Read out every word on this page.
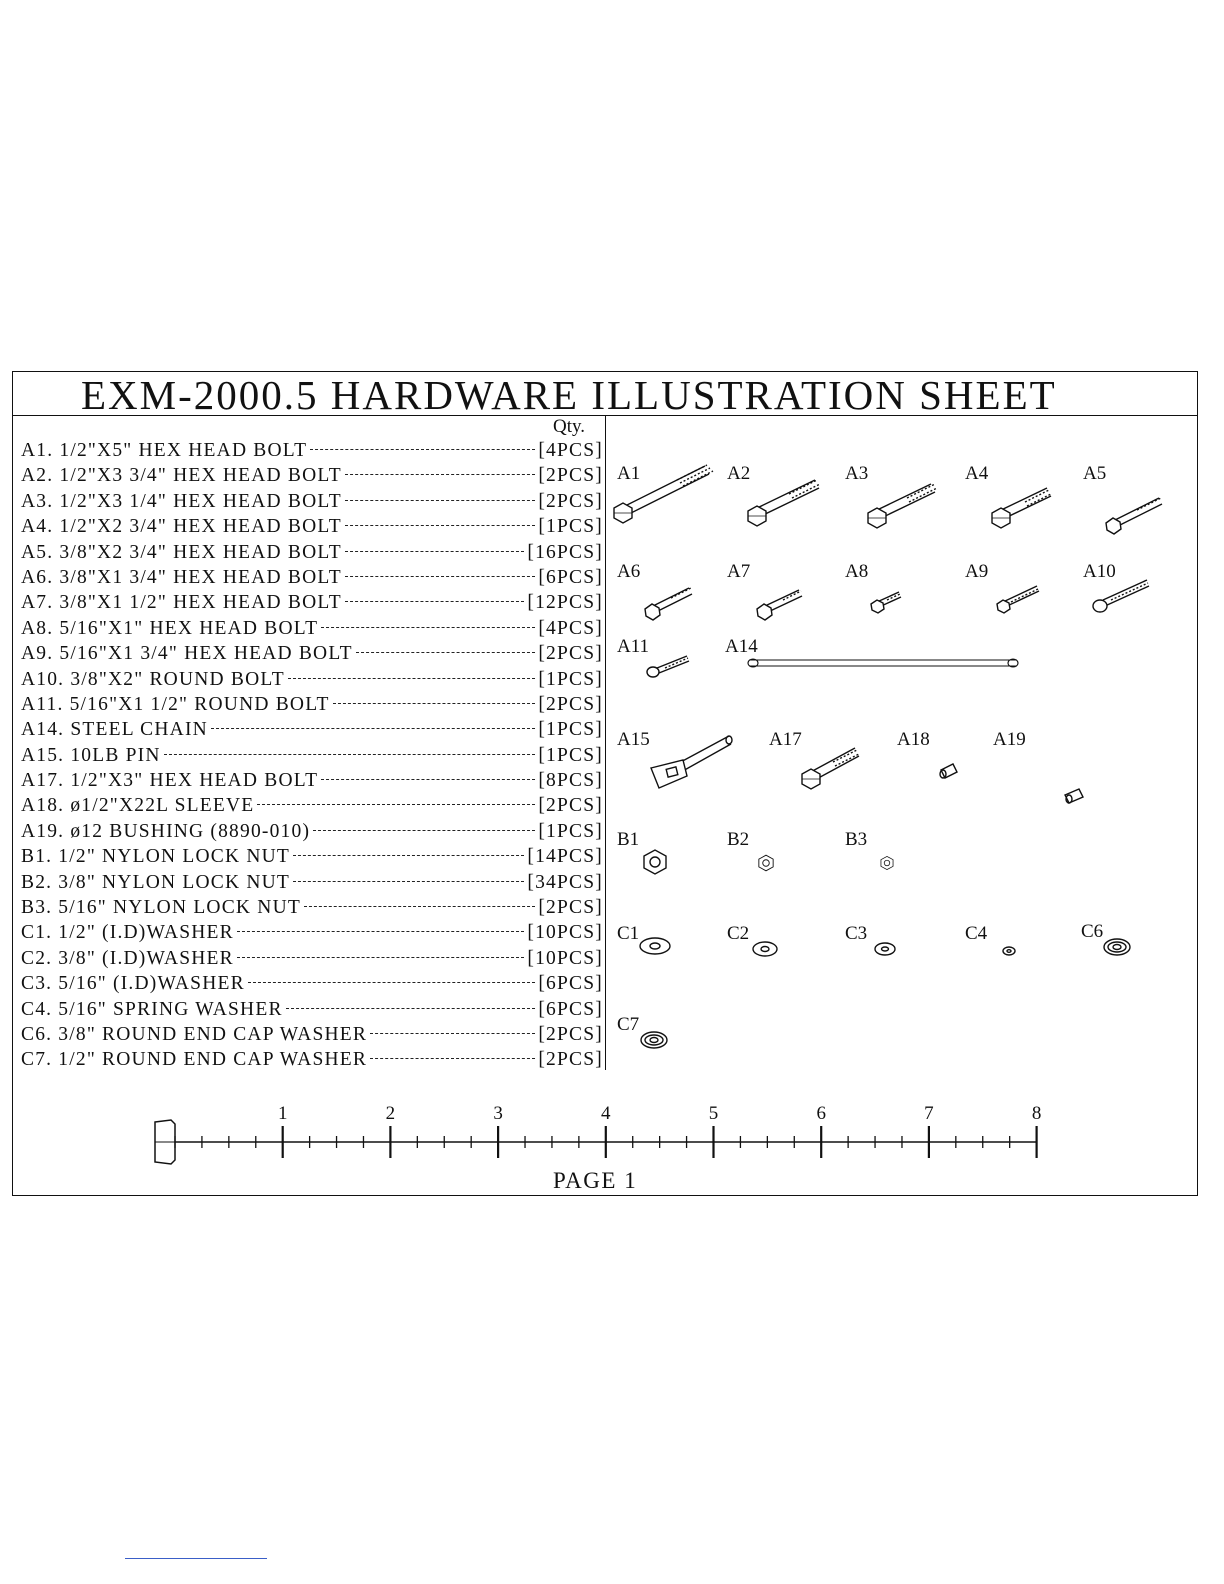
EXM-2000.5 HARDWARE ILLUSTRATION SHEET
Qty.
A1. 1/2"X5" HEX HEAD BOLT	[4PCS]
A2. 1/2"X3 3/4" HEX HEAD BOLT	[2PCS]
A3. 1/2"X3 1/4" HEX HEAD BOLT	[2PCS]
A4. 1/2"X2 3/4" HEX HEAD BOLT	[1PCS]
A5. 3/8"X2 3/4" HEX HEAD BOLT	[16PCS]
A6. 3/8"X1 3/4" HEX HEAD BOLT	[6PCS]
A7. 3/8"X1 1/2" HEX HEAD BOLT	[12PCS]
A8. 5/16"X1" HEX HEAD BOLT	[4PCS]
A9. 5/16"X1 3/4" HEX HEAD BOLT	[2PCS]
A10. 3/8"X2" ROUND BOLT	[1PCS]
A11. 5/16"X1 1/2" ROUND BOLT	[2PCS]
A14. STEEL CHAIN	[1PCS]
A15. 10LB PIN	[1PCS]
A17. 1/2"X3" HEX HEAD BOLT	[8PCS]
A18. ø1/2"X22L SLEEVE	[2PCS]
A19. ø12 BUSHING (8890-010)	[1PCS]
B1. 1/2" NYLON LOCK NUT	[14PCS]
B2. 3/8" NYLON LOCK NUT	[34PCS]
B3. 5/16" NYLON LOCK NUT	[2PCS]
C1. 1/2" (I.D)WASHER	[10PCS]
C2. 3/8" (I.D)WASHER	[10PCS]
C3. 5/16" (I.D)WASHER	[6PCS]
C4. 5/16" SPRING WASHER	[6PCS]
C6. 3/8" ROUND END CAP WASHER	[2PCS]
C7. 1/2" ROUND END CAP WASHER	[2PCS]
A1	A2	A3	A4	A5
A6	A7	A8	A9	A10
A11	A14
A15	A17	A18	A19
B1	B2	B3
C1	C2	C3	C4	C6
C7
1	2	3	4	5	6	7	8
PAGE 1
